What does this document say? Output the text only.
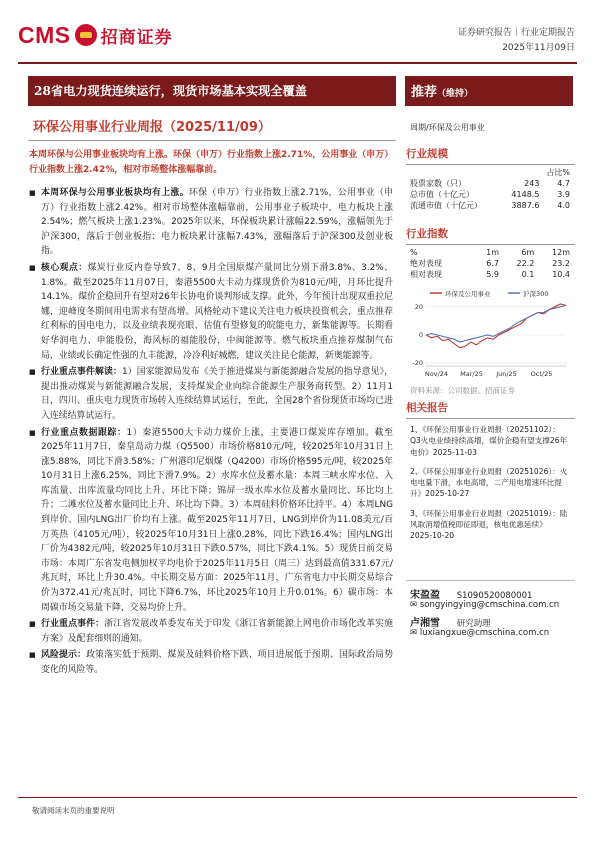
CMS 招商证券	证券研究报告｜行业定期报告
2025年11月09日
28省电力现货连续运行，现货市场基本实现全覆盖
环保公用事业行业周报（2025/11/09）
推荐（维持）
周期/环保及公用事业
本周环保与公用事业板块均有上涨。环保（申万）行业指数上涨2.71%，公用事业（申万）行业指数上涨2.42%，相对市场整体涨幅靠前。
■ 本周环保与公用事业板块均有上涨。环保（申万）行业指数上涨2.71%，公用事业（申万）行业指数上涨2.42%。相对市场整体涨幅靠前，公用事业子板块中，电力板块上涨2.54%；燃气板块上涨1.23%。2025年以来，环保板块累计涨幅22.59%，涨幅领先于沪深300，落后于创业板指；电力板块累计涨幅7.43%，涨幅落后于沪深300及创业板指。
■ 核心观点：煤炭行业反内卷导致7、8、9月全国原煤产量同比分别下滑3.8%、3.2%、1.8%。截至2025年11月07日，秦港5500大卡动力煤现货价为810元/吨，月环比提升14.1%。煤价企稳回升有望对26年长协电价谈判形成支撑。此外，今年预计出现双重拉尼娜，迎峰度冬期间用电需求有望高增。风格轮动下建议关注电力板块投资机会，重点推荐红利标的国电电力，以及业绩表现亮眼、估值有望修复的皖能电力，新集能源等。长期看好华润电力、申能股份，海风标的福能股份，中闽能源等。燃气板块重点推荐煤制气布局，业绩或长确定性强的九丰能源，冷冷利好城燃，建议关注昆仑能源，新奥能源等。
■ 行业重点事件解读：1）国家能源局发布《关于推进煤炭与新能源融合发展的指导意见》，提出推动煤炭与新能源融合发展，支持煤炭企业向综合能源生产服务商转型。2）11月1日，四川、重庆电力现货市场转入连续结算试运行，至此，全国28个省份现货市场均已进入连续结算试运行。
■ 行业重点数据跟踪：1）秦港5500大卡动力煤价上涨，主要港口煤炭库存增加。截至2025年11月7日，秦皇岛动力煤（Q5500）市场价格810元/吨，较2025年10月31日上涨5.88%，同比下滑3.58%；广州港印尼烟煤（Q4200）市场价格595元/吨，较2025年10月31日上涨6.25%，同比下滑7.9%。2）水库水位及蓄水量：本周三峡水库水位、入库流量、出库流量均同比上升、环比下降；锦屏一级水库水位及蓄水量同比、环比均上升；二滩水位及蓄水量同比上升、环比均下降。3）本周硅料价格环比持平。4）本周LNG到岸价、国内LNG出厂价均有上涨。截至2025年11月7日，LNG到岸价为11.08美元/百万英热（4105元/吨），较2025年10月31日上涨0.28%，同比下跌16.4%；国内LNG出厂价为4382元/吨，较2025年10月31日下跌0.57%，同比下跌4.1%。5）现货日前交易市场：本周广东省发电侧加权平均电价于2025年11月5日（周三）达到最高值331.67元/兆瓦时，环比上升30.4%。中长期交易方面：2025年11月，广东省电力中长期交易综合价为372.41元/兆瓦时，同比下降6.7%，环比2025年10月上升0.01%。6）碳市场：本周碳市场交易量下降，交易均价上升。
■ 行业重点事件：浙江省发展改革委发布关于印发《浙江省新能源上网电价市场化改革实施方案》及配套细则的通知。
■ 风险提示：政策落实低于预期、煤炭及硅料价格下跌、项目进展低于预期、国际政治局势变化的风险等。
行业规模
		占比%
股票家数（只）	243	4.7
总市值（十亿元）	4148.5	3.9
流通市值（十亿元）	3887.6	4.0
行业指数
%	1m	6m	12m
绝对表现	6.7	22.2	23.2
相对表现	5.9	0.1	10.4
环保及公用事业	沪深300
-20
0
20
Nov/24 Mar/25 Jun/25 Oct/25
资料来源：公司数据、招商证券
相关报告
1、《环保公用事业行业周报（20251102）：Q3火电业绩持续高增，煤价企稳有望支撑26年电价》2025-11-03
2、《环保公用事业行业周报（20251026）：火电电量下滑，水电高增，二产用电增速环比提升》2025-10-27
3、《环保公用事业行业周报（20251019）：陆风取消增值税即征即退，核电优惠延续》2025-10-20
宋盈盈 S1090520080001
✉ songyingying@cmschina.com.cn
卢湘雪 研究助理
✉ luxiangxue@cmschina.com.cn
敬请阅读末页的重要说明
